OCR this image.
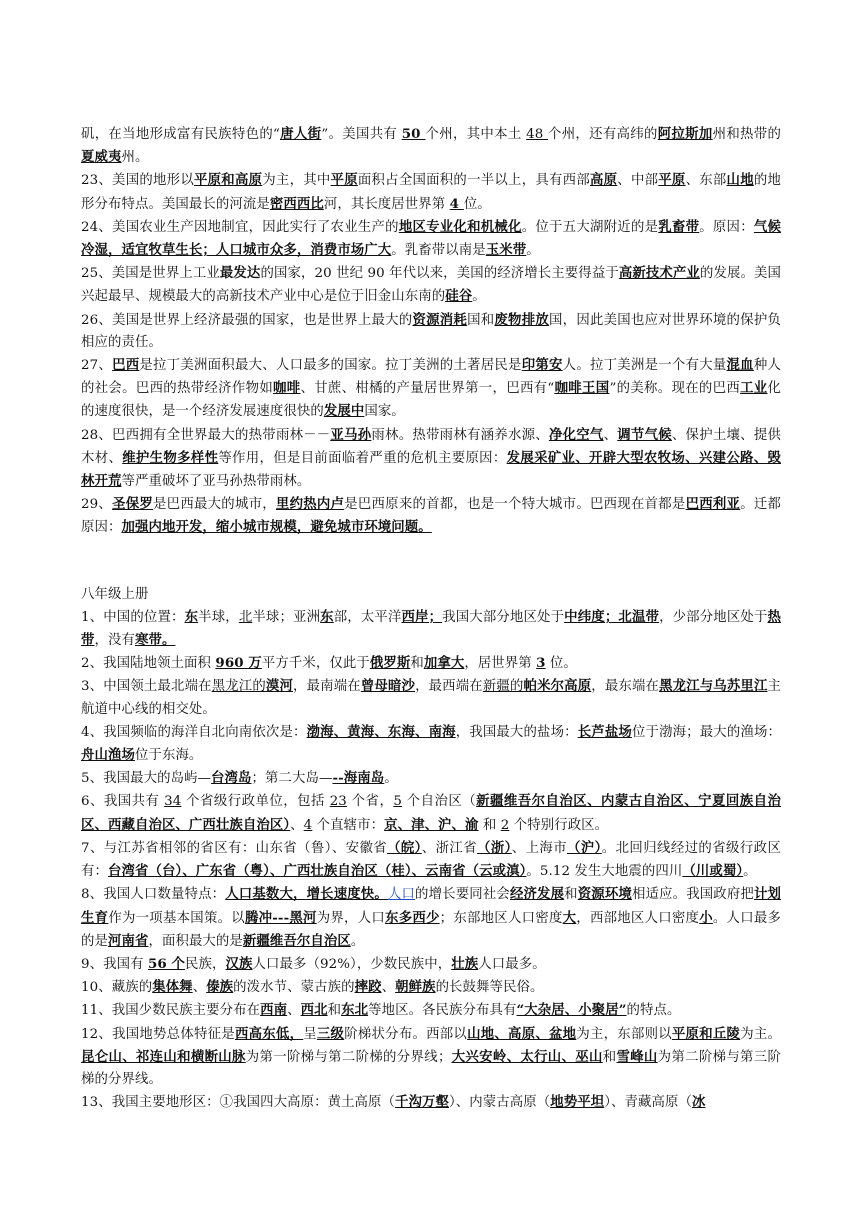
矶，在当地形成富有民族特色的“唐人街”。美国共有 50 个州，其中本土 48 个州，还有高纬的阿拉斯加州和热带的夏威夷州。

23、美国的地形以平原和高原为主，其中平原面积占全国面积的一半以上，具有西部高原、中部平原、东部山地的地形分布特点。美国最长的河流是密西西比河，其长度居世界第 4 位。

24、美国农业生产因地制宜，因此实行了农业生产的地区专业化和机械化。位于五大湖附近的是乳畜带。原因：气候冷湿，适宜牧草生长；人口城市众多，消费市场广大。乳畜带以南是玉米带。

25、美国是世界上工业最发达的国家，20 世纪 90 年代以来，美国的经济增长主要得益于高新技术产业的发展。美国兴起最早、规模最大的高新技术产业中心是位于旧金山东南的硅谷。

26、美国是世界上经济最强的国家，也是世界上最大的资源消耗国和废物排放国，因此美国也应对世界环境的保护负相应的责任。

27、巴西是拉丁美洲面积最大、人口最多的国家。拉丁美洲的土著居民是印第安人。拉丁美洲是一个有大量混血种人的社会。巴西的热带经济作物如咖啡、甘蔗、柑橘的产量居世界第一，巴西有“咖啡王国”的美称。现在的巴西工业化的速度很快，是一个经济发展速度很快的发展中国家。

28、巴西拥有全世界最大的热带雨林－－亚马孙雨林。热带雨林有涵养水源、净化空气、调节气候、保护土壤、提供木材、维护生物多样性等作用，但是目前面临着严重的危机主要原因：发展采矿业、开辟大型农牧场、兴建公路、毁林开荒等严重破坏了亚马孙热带雨林。

29、圣保罗是巴西最大的城市，里约热内卢是巴西原来的首都，也是一个特大城市。巴西现在首都是巴西利亚。迁都原因：加强内地开发，缩小城市规模，避免城市环境问题。

八年级上册

1、中国的位置：东半球，北半球；亚洲东部，太平洋西岸；我国大部分地区处于中纬度；北温带，少部分地区处于热带，没有寒带。

2、我国陆地领土面积 960 万平方千米，仅此于俄罗斯和加拿大，居世界第 3 位。

3、中国领土最北端在黑龙江的漠河，最南端在曾母暗沙，最西端在新疆的帕米尔高原，最东端在黑龙江与乌苏里江主航道中心线的相交处。

4、我国频临的海洋自北向南依次是：渤海、黄海、东海、南海，我国最大的盐场：长芦盐场位于渤海；最大的渔场：舟山渔场位于东海。

5、我国最大的岛屿—台湾岛；第二大岛—--海南岛。

6、我国共有 34 个省级行政单位，包括 23 个省，5 个自治区（新疆维吾尔自治区、内蒙古自治区、宁夏回族自治区、西藏自治区、广西壮族自治区）、4 个直辖市：京、津、沪、渝 和 2 个特别行政区。

7、与江苏省相邻的省区有：山东省（鲁）、安徽省（皖）、浙江省（浙）、上海市（沪）。北回归线经过的省级行政区有：台湾省（台）、广东省（粤）、广西壮族自治区（桂）、云南省（云或滇）。5.12 发生大地震的四川（川或蜀）。

8、我国人口数量特点：人口基数大，增长速度快。人口的增长要同社会经济发展和资源环境相适应。我国政府把计划生育作为一项基本国策。以腾冲---黑河为界，人口东多西少；东部地区人口密度大，西部地区人口密度小。人口最多的是河南省，面积最大的是新疆维吾尔自治区。

9、我国有 56 个民族，汉族人口最多（92%），少数民族中，壮族人口最多。

10、藏族的集体舞、傣族的泼水节、蒙古族的摔跤、朝鲜族的长鼓舞等民俗。

11、我国少数民族主要分布在西南、西北和东北等地区。各民族分布具有“大杂居、小聚居”的特点。

12、我国地势总体特征是西高东低，呈三级阶梯状分布。西部以山地、高原、盆地为主，东部则以平原和丘陵为主。昆仑山、祁连山和横断山脉为第一阶梯与第二阶梯的分界线；大兴安岭、太行山、巫山和雪峰山为第二阶梯与第三阶梯的分界线。

13、我国主要地形区：①我国四大高原：黄土高原（千沟万壑）、内蒙古高原（地势平坦）、青藏高原（冰
